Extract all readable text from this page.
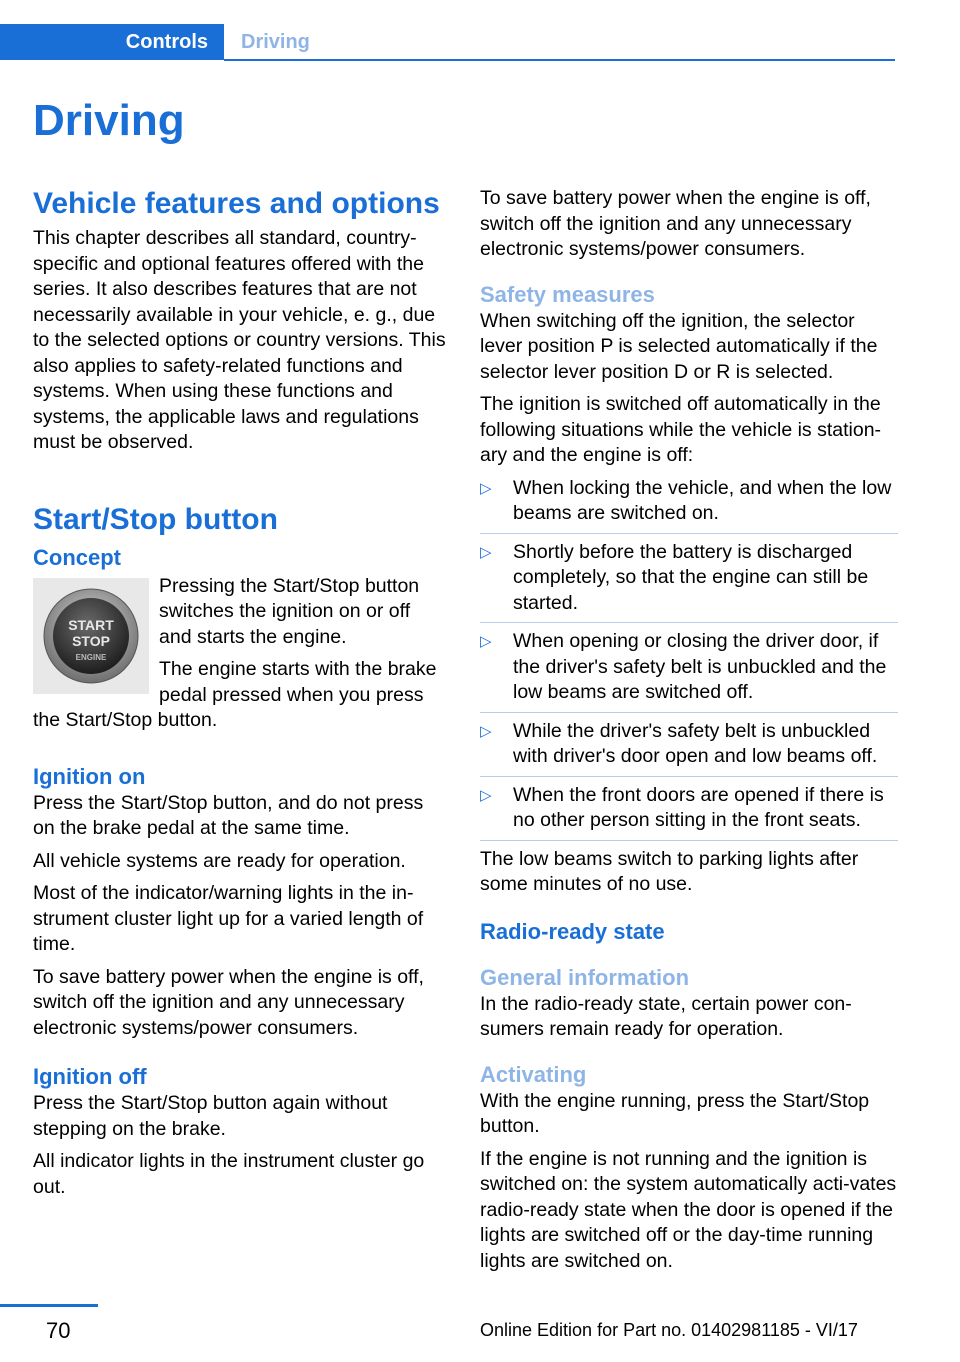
Controls	Driving
Driving
Vehicle features and options

This chapter describes all standard, country-specific and optional features offered with the series. It also describes features that are not necessarily available in your vehicle, e. g., due to the selected options or country versions. This also applies to safety-related functions and systems. When using these functions and systems, the applicable laws and regulations must be observed.

Start/Stop button
Concept
START
STOP
ENGINE

Pressing the Start/Stop button switches the ignition on or off and starts the engine.

The engine starts with the brake pedal pressed when you press the Start/Stop button.

Ignition on

Press the Start/Stop button, and do not press on the brake pedal at the same time.

All vehicle systems are ready for operation.

Most of the indicator/warning lights in the in-strument cluster light up for a varied length of time.

To save battery power when the engine is off, switch off the ignition and any unnecessary electronic systems/power consumers.

Ignition off

Press the Start/Stop button again without stepping on the brake.

All indicator lights in the instrument cluster go out.

To save battery power when the engine is off, switch off the ignition and any unnecessary electronic systems/power consumers.

Safety measures

When switching off the ignition, the selector lever position P is selected automatically if the selector lever position D or R is selected.

The ignition is switched off automatically in the following situations while the vehicle is station-ary and the engine is off:

▷ When locking the vehicle, and when the low beams are switched on.
▷ Shortly before the battery is discharged completely, so that the engine can still be started.
▷ When opening or closing the driver door, if the driver's safety belt is unbuckled and the low beams are switched off.
▷ While the driver's safety belt is unbuckled with driver's door open and low beams off.
▷ When the front doors are opened if there is no other person sitting in the front seats.

The low beams switch to parking lights after some minutes of no use.

Radio-ready state
General information

In the radio-ready state, certain power con-sumers remain ready for operation.

Activating

With the engine running, press the Start/Stop button.

If the engine is not running and the ignition is switched on: the system automatically acti-vates radio-ready state when the door is opened if the lights are switched off or the day-time running lights are switched on.

70	Online Edition for Part no. 01402981185 - VI/17
